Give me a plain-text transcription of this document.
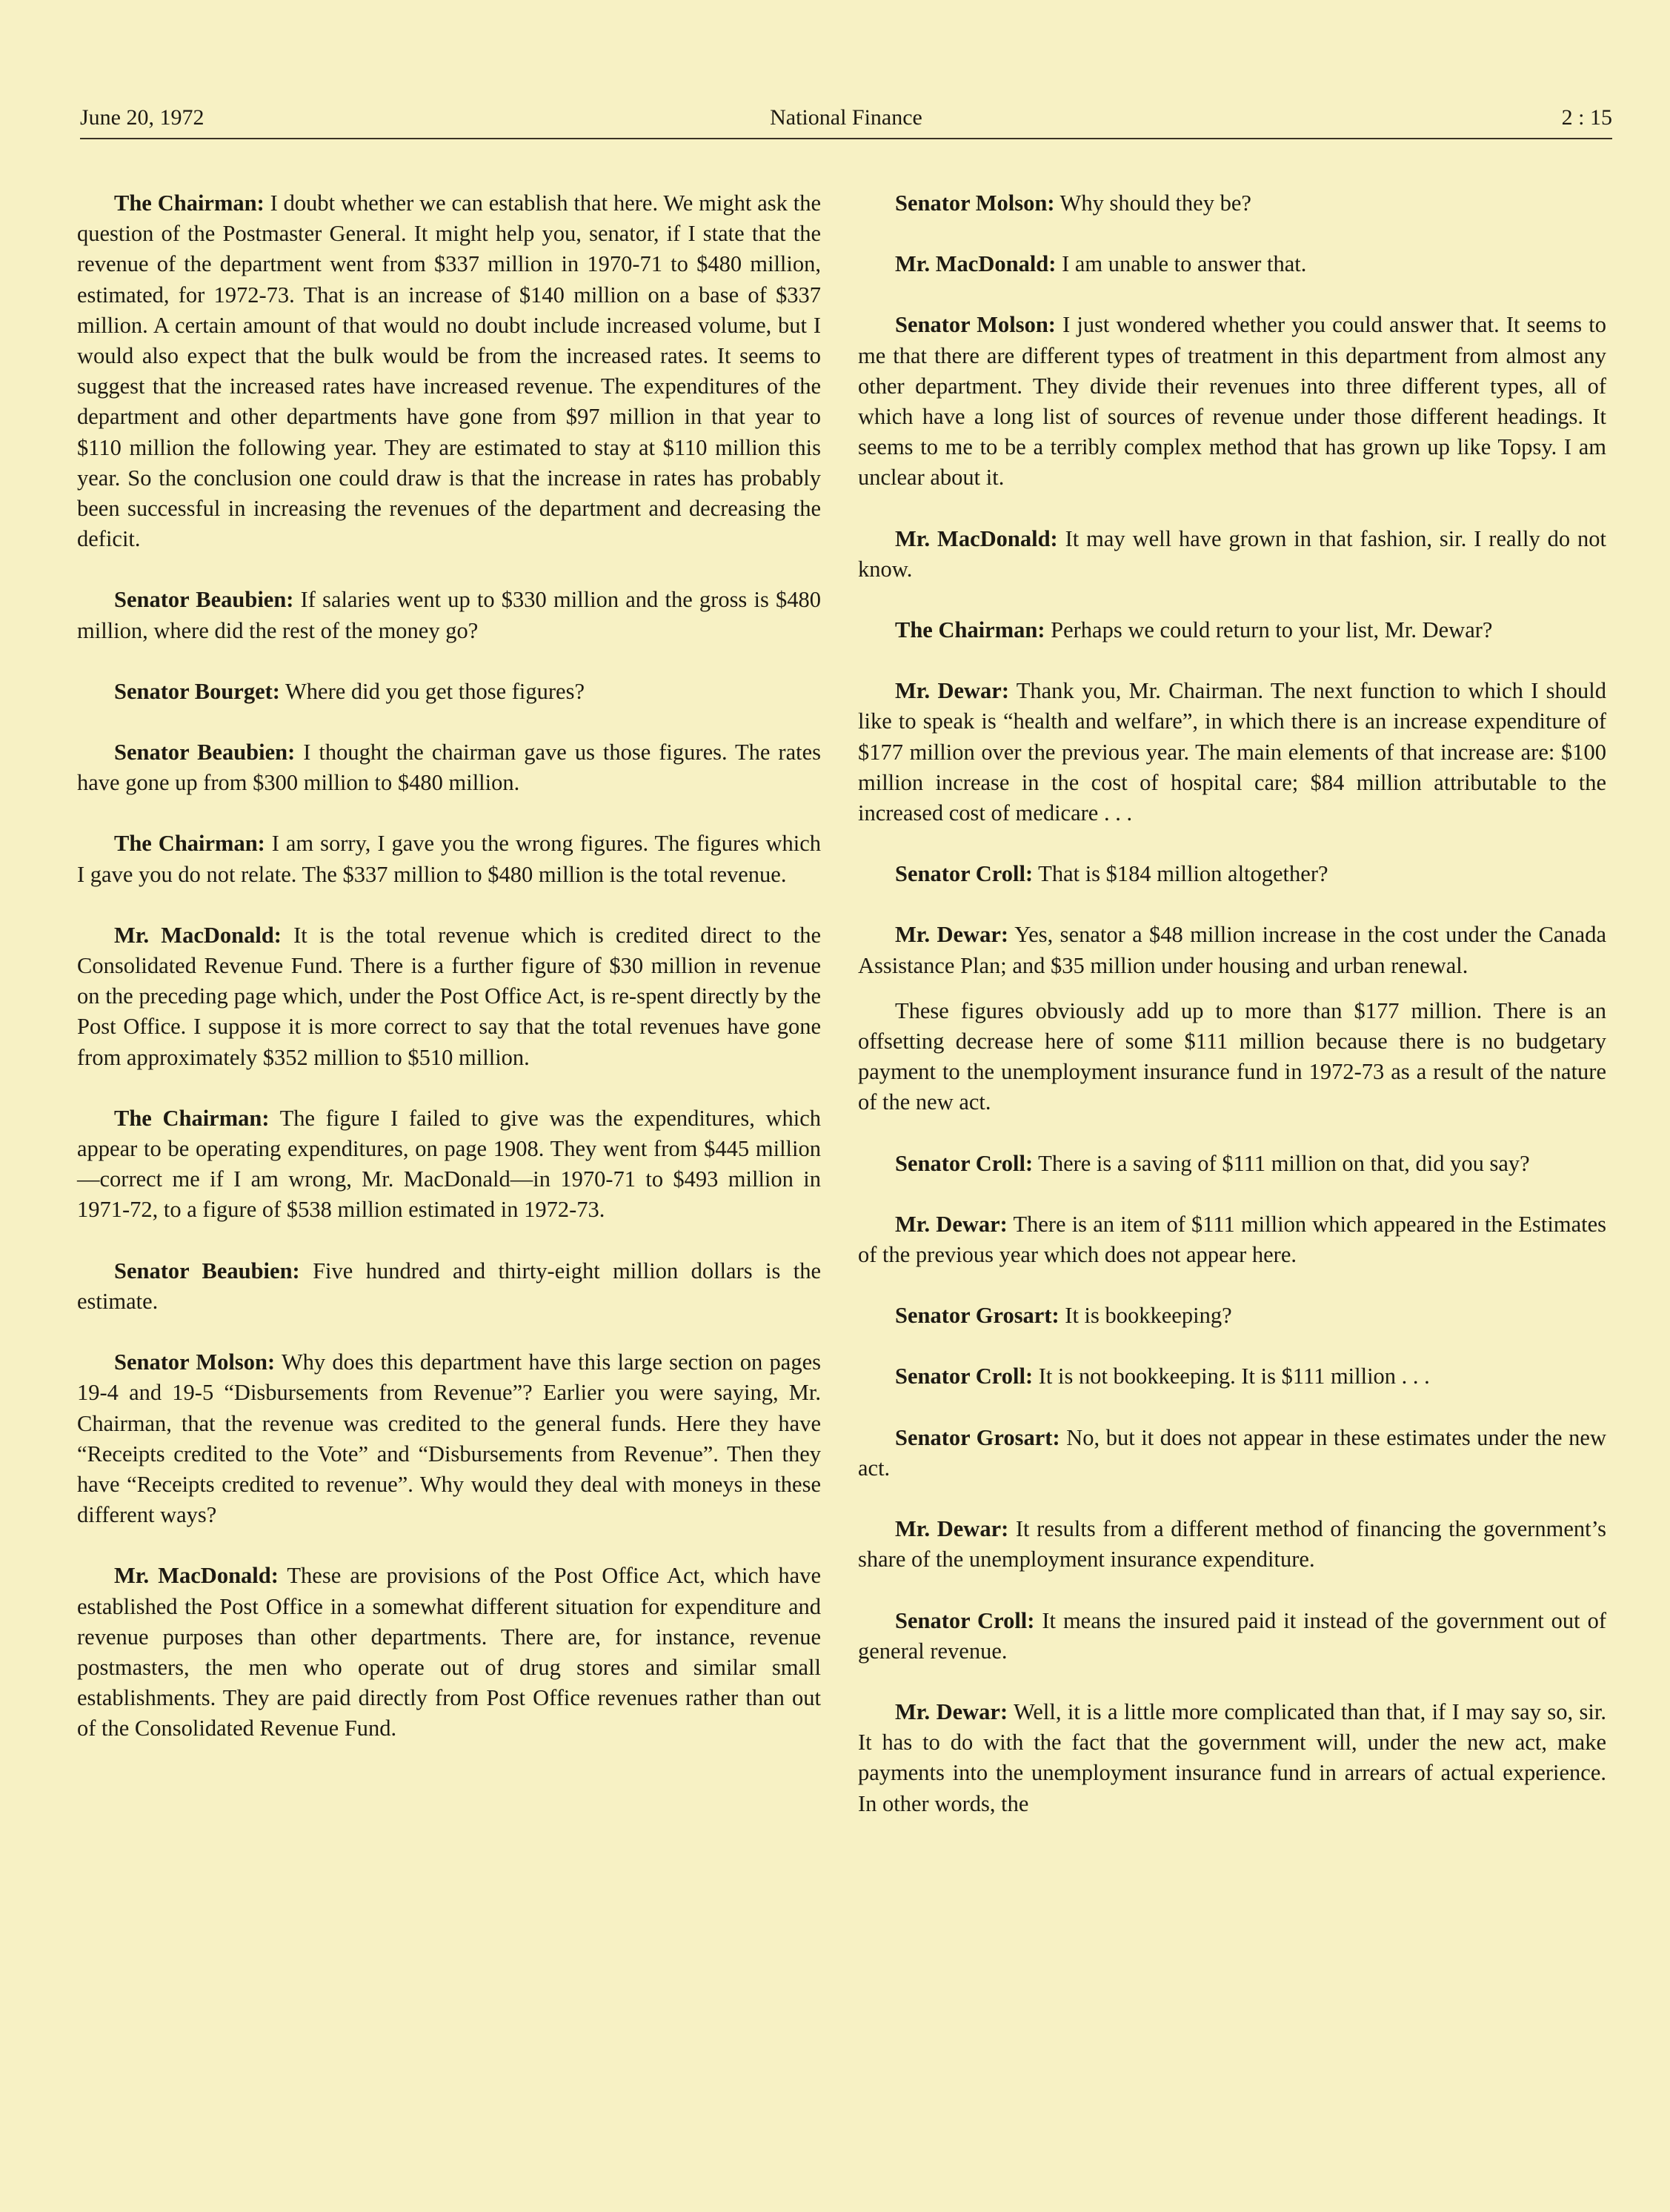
June 20, 1972	National Finance	2 : 15

The Chairman: I doubt whether we can establish that here. We might ask the question of the Postmaster General. It might help you, senator, if I state that the revenue of the department went from $337 million in 1970-71 to $480 million, estimated, for 1972-73. That is an increase of $140 million on a base of $337 million. A certain amount of that would no doubt include increased volume, but I would also expect that the bulk would be from the increased rates. It seems to suggest that the increased rates have increased revenue. The expenditures of the department and other departments have gone from $97 million in that year to $110 million the following year. They are estimated to stay at $110 million this year. So the conclusion one could draw is that the increase in rates has probably been successful in increasing the revenues of the department and decreasing the deficit.

Senator Beaubien: If salaries went up to $330 million and the gross is $480 million, where did the rest of the money go?

Senator Bourget: Where did you get those figures?

Senator Beaubien: I thought the chairman gave us those figures. The rates have gone up from $300 million to $480 million.

The Chairman: I am sorry, I gave you the wrong figures. The figures which I gave you do not relate. The $337 million to $480 million is the total revenue.

Mr. MacDonald: It is the total revenue which is credited direct to the Consolidated Revenue Fund. There is a further figure of $30 million in revenue on the preceding page which, under the Post Office Act, is re-spent directly by the Post Office. I suppose it is more correct to say that the total revenues have gone from approximately $352 million to $510 million.

The Chairman: The figure I failed to give was the expenditures, which appear to be operating expenditures, on page 1908. They went from $445 million—correct me if I am wrong, Mr. MacDonald—in 1970-71 to $493 million in 1971-72, to a figure of $538 million estimated in 1972-73.

Senator Beaubien: Five hundred and thirty-eight million dollars is the estimate.

Senator Molson: Why does this department have this large section on pages 19-4 and 19-5 “Disbursements from Revenue”? Earlier you were saying, Mr. Chairman, that the revenue was credited to the general funds. Here they have “Receipts credited to the Vote” and “Disbursements from Revenue”. Then they have “Receipts credited to revenue”. Why would they deal with moneys in these different ways?

Mr. MacDonald: These are provisions of the Post Office Act, which have established the Post Office in a somewhat different situation for expenditure and revenue purposes than other departments. There are, for instance, revenue postmasters, the men who operate out of drug stores and similar small establishments. They are paid directly from Post Office revenues rather than out of the Consolidated Revenue Fund.

Senator Molson: Why should they be?

Mr. MacDonald: I am unable to answer that.

Senator Molson: I just wondered whether you could answer that. It seems to me that there are different types of treatment in this department from almost any other department. They divide their revenues into three different types, all of which have a long list of sources of revenue under those different headings. It seems to me to be a terribly complex method that has grown up like Topsy. I am unclear about it.

Mr. MacDonald: It may well have grown in that fashion, sir. I really do not know.

The Chairman: Perhaps we could return to your list, Mr. Dewar?

Mr. Dewar: Thank you, Mr. Chairman. The next function to which I should like to speak is “health and welfare”, in which there is an increase expenditure of $177 million over the previous year. The main elements of that increase are: $100 million increase in the cost of hospital care; $84 million attributable to the increased cost of medicare . . .

Senator Croll: That is $184 million altogether?

Mr. Dewar: Yes, senator a $48 million increase in the cost under the Canada Assistance Plan; and $35 million under housing and urban renewal.

These figures obviously add up to more than $177 million. There is an offsetting decrease here of some $111 million because there is no budgetary payment to the unemployment insurance fund in 1972-73 as a result of the nature of the new act.

Senator Croll: There is a saving of $111 million on that, did you say?

Mr. Dewar: There is an item of $111 million which appeared in the Estimates of the previous year which does not appear here.

Senator Grosart: It is bookkeeping?

Senator Croll: It is not bookkeeping. It is $111 million . . .

Senator Grosart: No, but it does not appear in these estimates under the new act.

Mr. Dewar: It results from a different method of financing the government’s share of the unemployment insurance expenditure.

Senator Croll: It means the insured paid it instead of the government out of general revenue.

Mr. Dewar: Well, it is a little more complicated than that, if I may say so, sir. It has to do with the fact that the government will, under the new act, make payments into the unemployment insurance fund in arrears of actual experience. In other words, the
